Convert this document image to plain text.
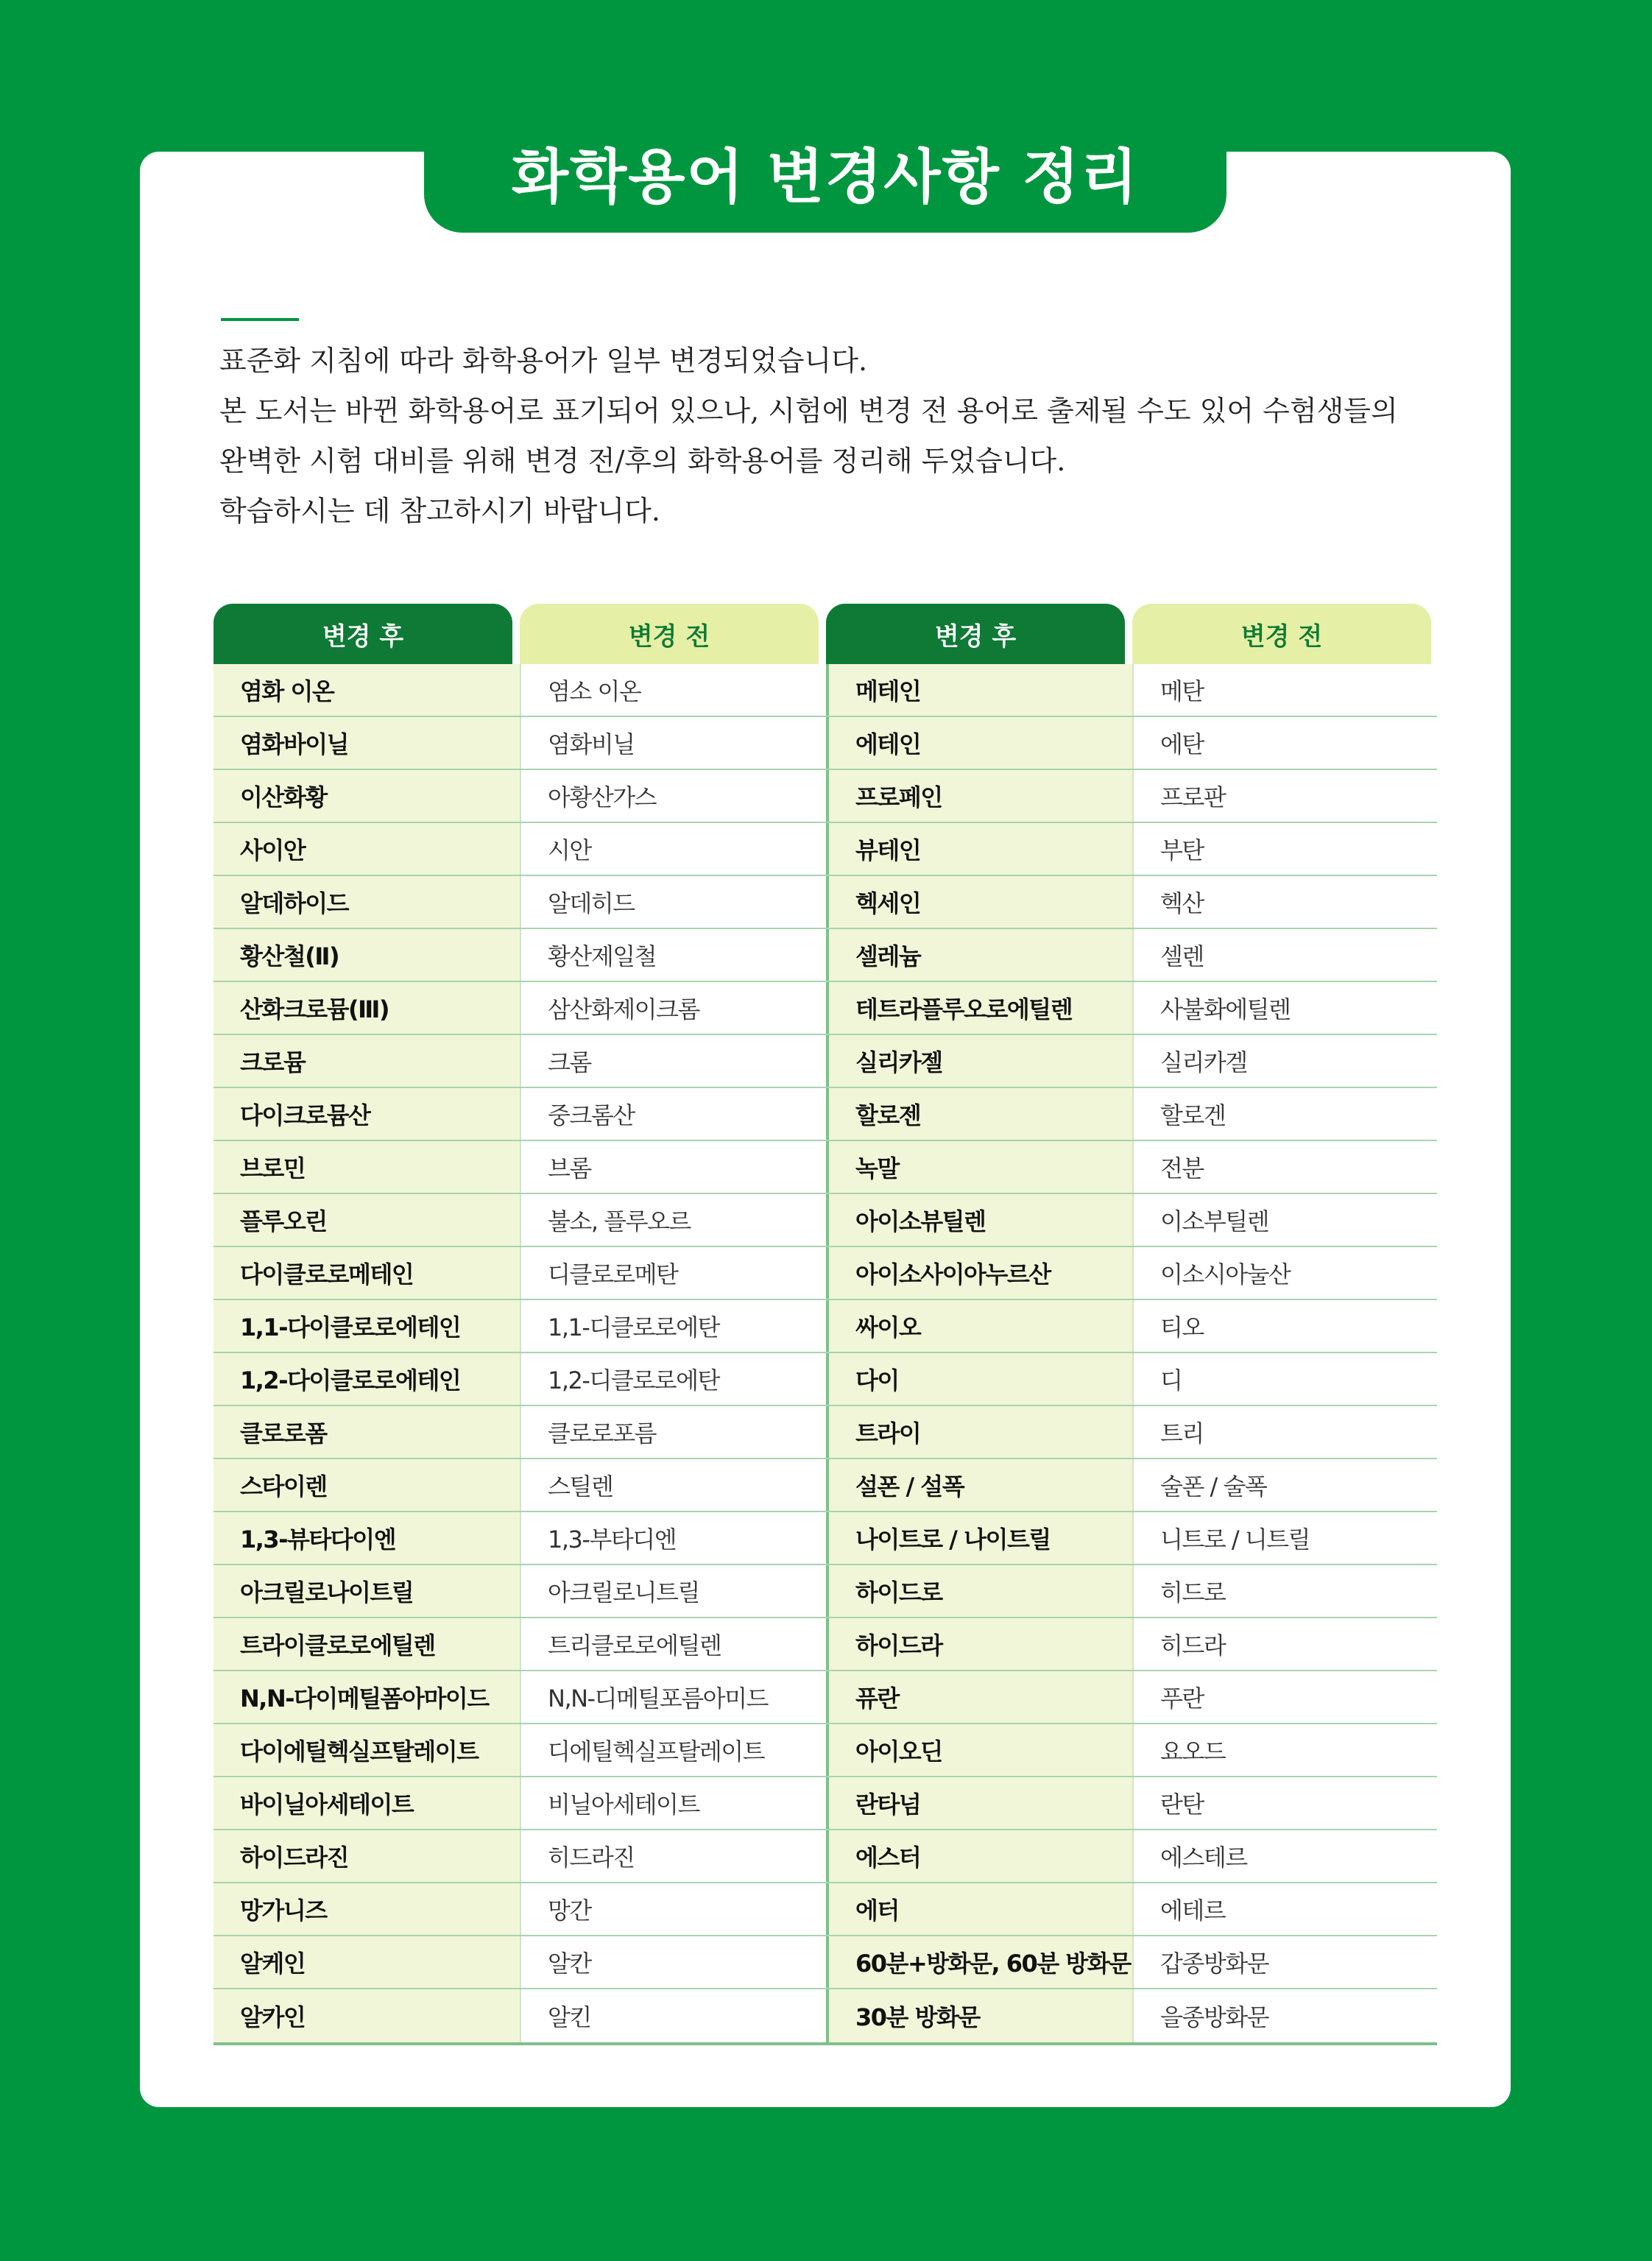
화학용어 변경사항 정리

표준화 지침에 따라 화학용어가 일부 변경되었습니다.

본 도서는 바뀐 화학용어로 표기되어 있으나, 시험에 변경 전 용어로 출제될 수도 있어 수험생들의

완벽한 시험 대비를 위해 변경 전/후의 화학용어를 정리해 두었습니다.

학습하시는 데 참고하시기 바랍니다.

변경 후	변경 전	변경 후	변경 전
염화 이온	염소 이온	메테인	메탄
염화바이닐	염화비닐	에테인	에탄
이산화황	아황산가스	프로페인	프로판
사이안	시안	뷰테인	부탄
알데하이드	알데히드	헥세인	헥산
황산철(Ⅱ)	황산제일철	셀레늄	셀렌
산화크로뮴(Ⅲ)	삼산화제이크롬	테트라플루오로에틸렌	사불화에틸렌
크로뮴	크롬	실리카젤	실리카겔
다이크로뮴산	중크롬산	할로젠	할로겐
브로민	브롬	녹말	전분
플루오린	불소, 플루오르	아이소뷰틸렌	이소부틸렌
다이클로로메테인	디클로로메탄	아이소사이아누르산	이소시아눌산
1,1-다이클로로에테인	1,1-디클로로에탄	싸이오	티오
1,2-다이클로로에테인	1,2-디클로로에탄	다이	디
클로로폼	클로로포름	트라이	트리
스타이렌	스틸렌	설폰 / 설폭	술폰 / 술폭
1,3-뷰타다이엔	1,3-부타디엔	나이트로 / 나이트릴	니트로 / 니트릴
아크릴로나이트릴	아크릴로니트릴	하이드로	히드로
트라이클로로에틸렌	트리클로로에틸렌	하이드라	히드라
N,N-다이메틸폼아마이드	N,N-디메틸포름아미드	퓨란	푸란
다이에틸헥실프탈레이트	디에틸헥실프탈레이트	아이오딘	요오드
바이닐아세테이트	비닐아세테이트	란타넘	란탄
하이드라진	히드라진	에스터	에스테르
망가니즈	망간	에터	에테르
알케인	알칸	60분+방화문, 60분 방화문	갑종방화문
알카인	알킨	30분 방화문	을종방화문
